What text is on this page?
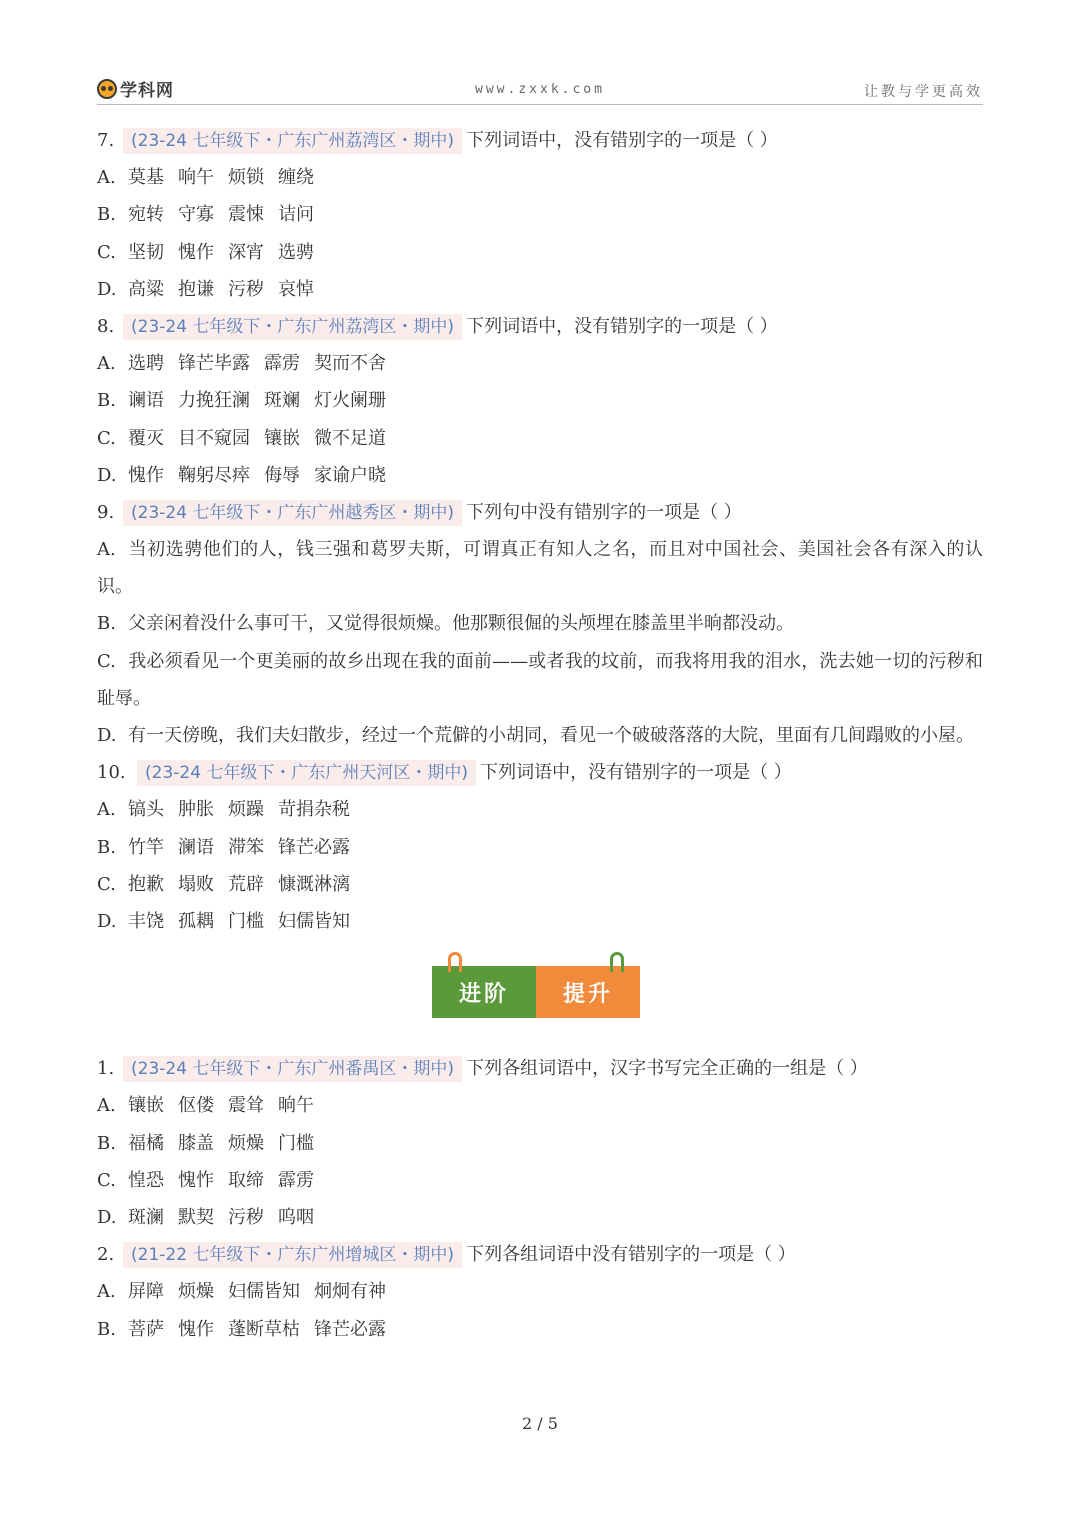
学科网	www.zxxk.com	让教与学更高效
7. (23-24 七年级下・广东广州荔湾区・期中) 下列词语中，没有错别字的一项是（ ）
A. 莫基 响午 烦锁 缠绕
B. 宛转 守寡 震悚 诘问
C. 坚韧 愧作 深宵 选骋
D. 高粱 抱谦 污秽 哀悼
8. (23-24 七年级下・广东广州荔湾区・期中) 下列词语中，没有错别字的一项是（ ）
A. 选聘 锋芒毕露 霹雳 契而不舍
B. 谰语 力挽狂澜 斑斓 灯火阑珊
C. 覆灭 目不窥园 镶嵌 微不足道
D. 愧作 鞠躬尽瘁 侮辱 家谕户晓
9. (23-24 七年级下・广东广州越秀区・期中) 下列句中没有错别字的一项是（ ）
A. 当初选骋他们的人，钱三强和葛罗夫斯，可谓真正有知人之名，而且对中国社会、美国社会各有深入的认识。
B. 父亲闲着没什么事可干，又觉得很烦燥。他那颗很倔的头颅埋在膝盖里半晌都没动。
C. 我必须看见一个更美丽的故乡出现在我的面前——或者我的坟前，而我将用我的泪水，洗去她一切的污秽和耻辱。
D. 有一天傍晚，我们夫妇散步，经过一个荒僻的小胡同，看见一个破破落落的大院，里面有几间蹋败的小屋。
10. (23-24 七年级下・广东广州天河区・期中) 下列词语中，没有错别字的一项是（ ）
A. 镐头 肿胀 烦躁 苛捐杂税
B. 竹竿 澜语 滞笨 锋芒必露
C. 抱歉 塌败 荒辟 慷溉淋漓
D. 丰饶 孤耦 门槛 妇儒皆知
进阶	提升
1. (23-24 七年级下・广东广州番禺区・期中) 下列各组词语中，汉字书写完全正确的一组是（ ）
A. 镶嵌 伛偻 震耸 晌午
B. 福橘 膝盖 烦燥 门槛
C. 惶恐 愧怍 取缔 霹雳
D. 斑澜 默契 污秽 呜咽
2. (21-22 七年级下・广东广州增城区・期中) 下列各组词语中没有错别字的一项是（ ）
A. 屏障 烦燥 妇儒皆知 炯炯有神
B. 菩萨 愧作 蓬断草枯 锋芒必露
2 / 5
